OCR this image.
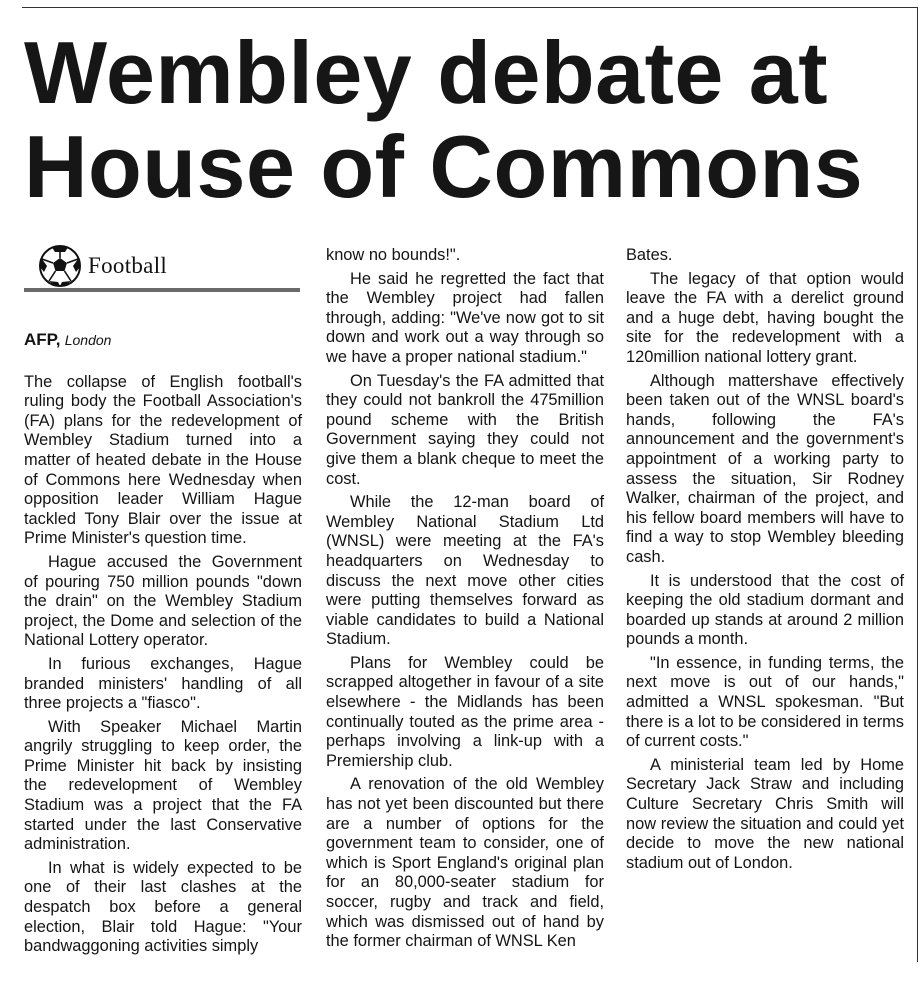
Wembley debate at
House of Commons
Football
AFP, London

The collapse of English football's ruling body the Football Association's (FA) plans for the redevelopment of Wembley Stadium turned into a matter of heated debate in the House of Commons here Wednesday when opposition leader William Hague tackled Tony Blair over the issue at Prime Minister's question time.

Hague accused the Government of pouring 750 million pounds "down the drain" on the Wembley Stadium project, the Dome and selection of the National Lottery operator.

In furious exchanges, Hague branded ministers' handling of all three projects a "fiasco".

With Speaker Michael Martin angrily struggling to keep order, the Prime Minister hit back by insisting the redevelopment of Wembley Stadium was a project that the FA started under the last Conservative administration.

In what is widely expected to be one of their last clashes at the despatch box before a general election, Blair told Hague: "Your bandwaggoning activities simply

know no bounds!".

He said he regretted the fact that the Wembley project had fallen through, adding: "We've now got to sit down and work out a way through so we have a proper national stadium."

On Tuesday's the FA admitted that they could not bankroll the 475million pound scheme with the British Government saying they could not give them a blank cheque to meet the cost.

While the 12-man board of Wembley National Stadium Ltd (WNSL) were meeting at the FA's headquarters on Wednesday to discuss the next move other cities were putting themselves forward as viable candidates to build a National Stadium.

Plans for Wembley could be scrapped altogether in favour of a site elsewhere - the Midlands has been continually touted as the prime area - perhaps involving a link-up with a Premiership club.

A renovation of the old Wembley has not yet been discounted but there are a number of options for the government team to consider, one of which is Sport England's original plan for an 80,000-seater stadium for soccer, rugby and track and field, which was dismissed out of hand by the former chairman of WNSL Ken

Bates.

The legacy of that option would leave the FA with a derelict ground and a huge debt, having bought the site for the redevelopment with a 120million national lottery grant.

Although mattershave effectively been taken out of the WNSL board's hands, following the FA's announcement and the government's appointment of a working party to assess the situation, Sir Rodney Walker, chairman of the project, and his fellow board members will have to find a way to stop Wembley bleeding cash.

It is understood that the cost of keeping the old stadium dormant and boarded up stands at around 2 million pounds a month.

"In essence, in funding terms, the next move is out of our hands," admitted a WNSL spokesman. "But there is a lot to be considered in terms of current costs."

A ministerial team led by Home Secretary Jack Straw and including Culture Secretary Chris Smith will now review the situation and could yet decide to move the new national stadium out of London.
